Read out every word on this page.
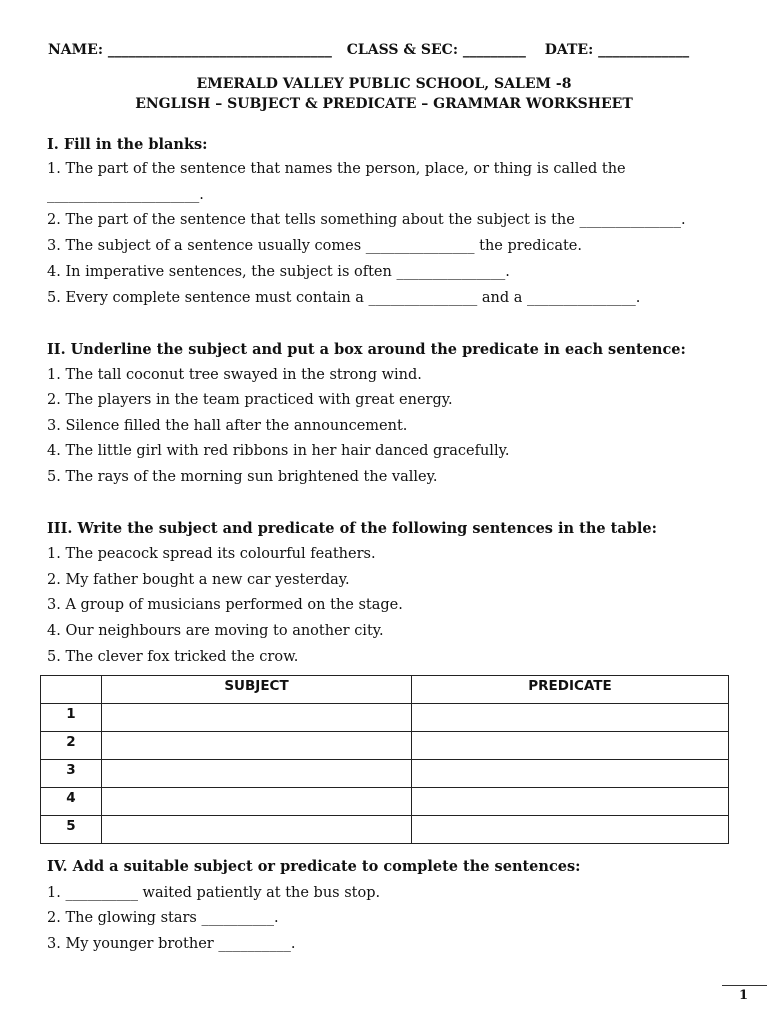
NAME: ________________________________ CLASS & SEC: _________ DATE: _____________
EMERALD VALLEY PUBLIC SCHOOL, SALEM -8
ENGLISH – SUBJECT & PREDICATE – GRAMMAR WORKSHEET
I. Fill in the blanks:
1. The part of the sentence that names the person, place, or thing is called the
_____________________.
2. The part of the sentence that tells something about the subject is the ______________.
3. The subject of a sentence usually comes _______________ the predicate.
4. In imperative sentences, the subject is often _______________.
5. Every complete sentence must contain a _______________ and a _______________.
II. Underline the subject and put a box around the predicate in each sentence:
1. The tall coconut tree swayed in the strong wind.
2. The players in the team practiced with great energy.
3. Silence filled the hall after the announcement.
4. The little girl with red ribbons in her hair danced gracefully.
5. The rays of the morning sun brightened the valley.
III. Write the subject and predicate of the following sentences in the table:
1. The peacock spread its colourful feathers.
2. My father bought a new car yesterday.
3. A group of musicians performed on the stage.
4. Our neighbours are moving to another city.
5. The clever fox tricked the crow.
	SUBJECT	PREDICATE
1		
2		
3		
4		
5		
IV. Add a suitable subject or predicate to complete the sentences:
1. __________ waited patiently at the bus stop.
2. The glowing stars __________.
3. My younger brother __________.
1
